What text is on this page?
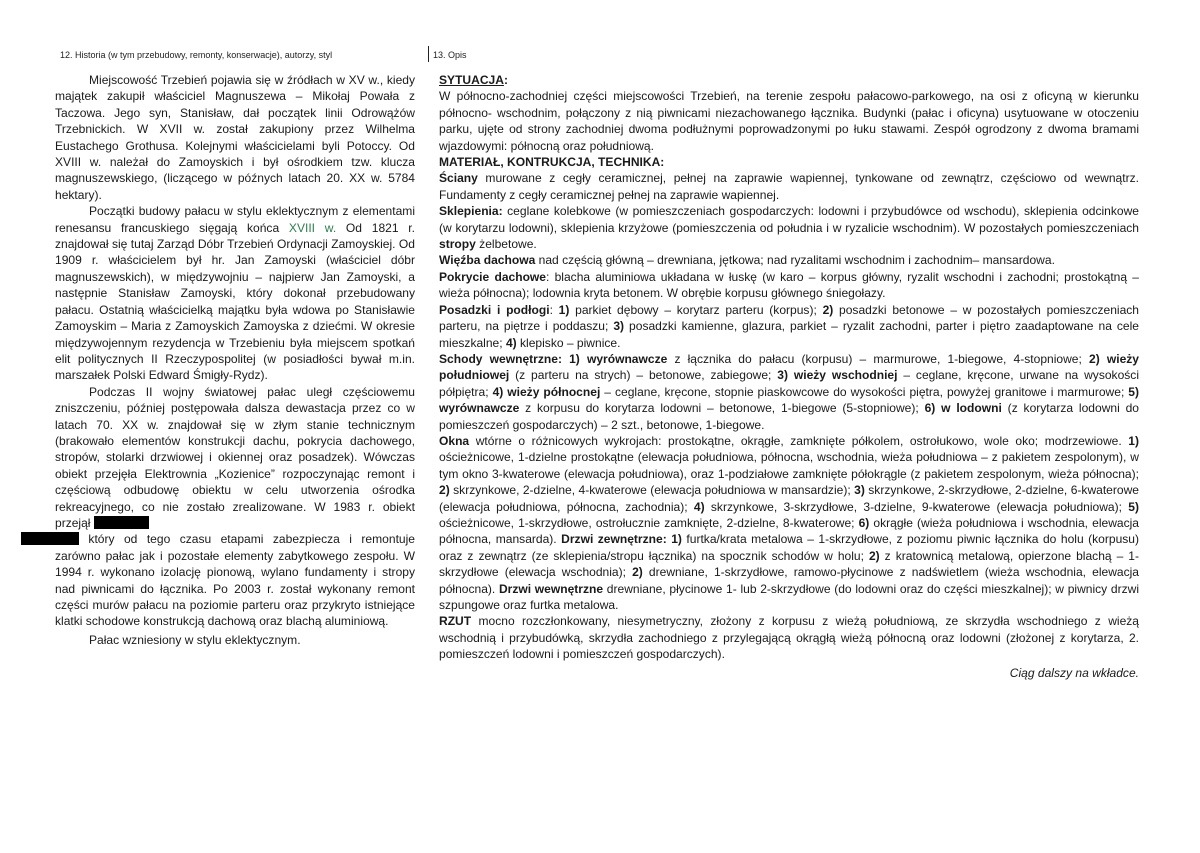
12. Historia (w tym przebudowy, remonty, konserwacje), autorzy, styl	13. Opis

Miejscowość Trzebień pojawia się w źródłach w XV w., kiedy majątek zakupił właściciel Magnuszewa – Mikołaj Powała z Taczowa. Jego syn, Stanisław, dał początek linii Odrowążów Trzebnickich. W XVII w. został zakupiony przez Wilhelma Eustachego Grothusa. Kolejnymi właścicielami byli Potoccy. Od XVIII w. należał do Zamoyskich i był ośrodkiem tzw. klucza magnuszewskiego, (liczącego w późnych latach 20. XX w. 5784 hektary).

Początki budowy pałacu w stylu eklektycznym z elementami renesansu francuskiego sięgają końca XVIII w. Od 1821 r. znajdował się tutaj Zarząd Dóbr Trzebień Ordynacji Zamoyskiej. Od 1909 r. właścicielem był hr. Jan Zamoyski (właściciel dóbr magnuszewskich), w międzywojniu – najpierw Jan Zamoyski, a następnie Stanisław Zamoyski, który dokonał przebudowany pałacu. Ostatnią właścicielką majątku była wdowa po Stanisławie Zamoyskim – Maria z Zamoyskich Zamoyska z dziećmi. W okresie międzywojennym rezydencja w Trzebieniu była miejscem spotkań elit politycznych II Rzeczypospolitej (w posiadłości bywał m.in. marszałek Polski Edward Śmigły-Rydz).

Podczas II wojny światowej pałac uległ częściowemu zniszczeniu, później postępowała dalsza dewastacja przez co w latach 70. XX w. znajdował się w złym stanie technicznym (brakowało elementów konstrukcji dachu, pokrycia dachowego, stropów, stolarki drzwiowej i okiennej oraz posadzek). Wówczas obiekt przejęła Elektrownia „Kozienice” rozpoczynając remont i częściową odbudowę obiektu w celu utworzenia ośrodka rekreacyjnego, co nie zostało zrealizowane. W 1983 r. obiekt przejął
który od tego czasu etapami zabezpiecza i remontuje zarówno pałac jak i pozostałe elementy zabytkowego zespołu. W 1994 r. wykonano izolację pionową, wylano fundamenty i stropy nad piwnicami do łącznika. Po 2003 r. został wykonany remont części murów pałacu na poziomie parteru oraz przykryto istniejące klatki schodowe konstrukcją dachową oraz blachą aluminiową.

Pałac wzniesiony w stylu eklektycznym.

SYTUACJA:

W północno-zachodniej części miejscowości Trzebień, na terenie zespołu pałacowo-parkowego, na osi z oficyną w kierunku północno- wschodnim, połączony z nią piwnicami niezachowanego łącznika. Budynki (pałac i oficyna) usytuowane w otoczeniu parku, ujęte od strony zachodniej dwoma podłużnymi poprowadzonymi po łuku stawami. Zespół ogrodzony z dwoma bramami wjazdowymi: północną oraz południową.

MATERIAŁ, KONTRUKCJA, TECHNIKA:

Ściany murowane z cegły ceramicznej, pełnej na zaprawie wapiennej, tynkowane od zewnątrz, częściowo od wewnątrz. Fundamenty z cegły ceramicznej pełnej na zaprawie wapiennej.

Sklepienia: ceglane kolebkowe (w pomieszczeniach gospodarczych: lodowni i przybudówce od wschodu), sklepienia odcinkowe (w korytarzu lodowni), sklepienia krzyżowe (pomieszczenia od południa i w ryzalicie wschodnim). W pozostałych pomieszczeniach stropy żelbetowe.

Więźba dachowa nad częścią główną – drewniana, jętkowa; nad ryzalitami wschodnim i zachodnim– mansardowa.

Pokrycie dachowe: blacha aluminiowa układana w łuskę (w karo – korpus główny, ryzalit wschodni i zachodni; prostokątną – wieża północna); lodownia kryta betonem. W obrębie korpusu głównego śniegołazy.

Posadzki i podłogi: 1) parkiet dębowy – korytarz parteru (korpus); 2) posadzki betonowe – w pozostałych pomieszczeniach parteru, na piętrze i poddaszu; 3) posadzki kamienne, glazura, parkiet – ryzalit zachodni, parter i piętro zaadaptowane na cele mieszkalne; 4) klepisko – piwnice.

Schody wewnętrzne: 1) wyrównawcze z łącznika do pałacu (korpusu) – marmurowe, 1-biegowe, 4-stopniowe; 2) wieży południowej (z parteru na strych) – betonowe, zabiegowe; 3) wieży wschodniej – ceglane, kręcone, urwane na wysokości półpiętra; 4) wieży północnej – ceglane, kręcone, stopnie piaskowcowe do wysokości piętra, powyżej granitowe i marmurowe; 5) wyrównawcze z korpusu do korytarza lodowni – betonowe, 1-biegowe (5-stopniowe); 6) w lodowni (z korytarza lodowni do pomieszczeń gospodarczych) – 2 szt., betonowe, 1-biegowe.

Okna wtórne o różnicowych wykrojach: prostokątne, okrągłe, zamknięte półkolem, ostrołukowo, wole oko; modrzewiowe. 1) ościeżnicowe, 1-dzielne prostokątne (elewacja południowa, północna, wschodnia, wieża południowa – z pakietem zespolonym), w tym okno 3-kwaterowe (elewacja południowa), oraz 1-podziałowe zamknięte półokrągle (z pakietem zespolonym, wieża północna); 2) skrzynkowe, 2-dzielne, 4-kwaterowe (elewacja południowa w mansardzie); 3) skrzynkowe, 2-skrzydłowe, 2-dzielne, 6-kwaterowe (elewacja południowa, północna, zachodnia); 4) skrzynkowe, 3-skrzydłowe, 3-dzielne, 9-kwaterowe (elewacja południowa); 5) ościeżnicowe, 1-skrzydłowe, ostrołucznie zamknięte, 2-dzielne, 8-kwaterowe; 6) okrągłe (wieża południowa i wschodnia, elewacja północna, mansarda). Drzwi zewnętrzne: 1) furtka/krata metalowa – 1-skrzydłowe, z poziomu piwnic łącznika do holu (korpusu) oraz z zewnątrz (ze sklepienia/stropu łącznika) na spocznik schodów w holu; 2) z kratownicą metalową, opierzone blachą – 1-skrzydłowe (elewacja wschodnia); 2) drewniane, 1-skrzydłowe, ramowo-płycinowe z nadświetlem (wieża wschodnia, elewacja północna). Drzwi wewnętrzne drewniane, płycinowe 1- lub 2-skrzydłowe (do lodowni oraz do części mieszkalnej); w piwnicy drzwi szpungowe oraz furtka metalowa.

RZUT mocno rozczłonkowany, niesymetryczny, złożony z korpusu z wieżą południową, ze skrzydła wschodniego z wieżą wschodnią i przybudówką, skrzydła zachodniego z przylegającą okrągłą wieżą północną oraz lodowni (złożonej z korytarza, 2. pomieszczeń lodowni i pomieszczeń gospodarczych).

Ciąg dalszy na wkładce.
